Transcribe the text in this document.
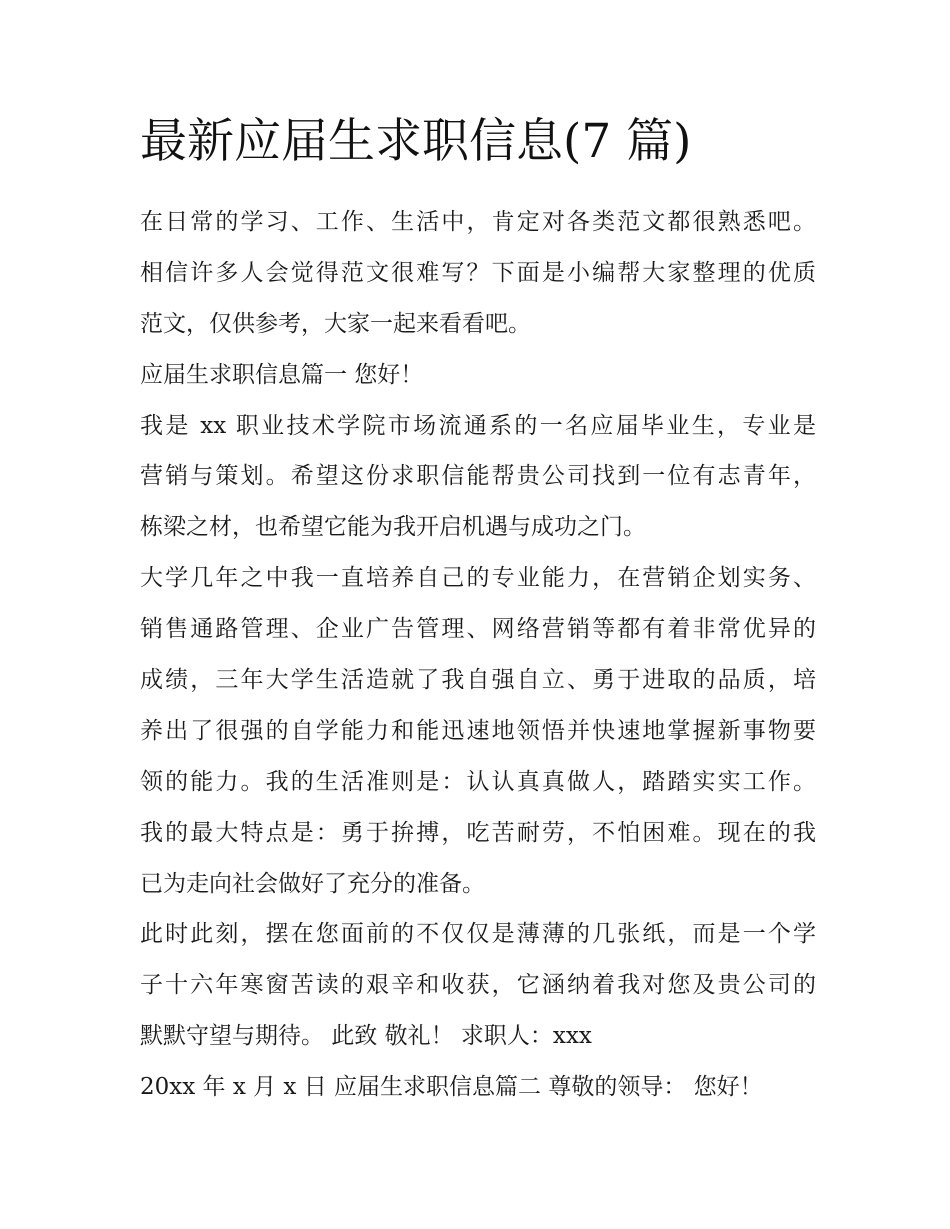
最新应届生求职信息(7 篇)
在日常的学习、工作、生活中，肯定对各类范文都很熟悉吧。
相信许多人会觉得范文很难写？下面是小编帮大家整理的优质
范文，仅供参考，大家一起来看看吧。
应届生求职信息篇一 您好！
我是 xx 职业技术学院市场流通系的一名应届毕业生，专业是
营销与策划。希望这份求职信能帮贵公司找到一位有志青年，
栋梁之材，也希望它能为我开启机遇与成功之门。
大学几年之中我一直培养自己的专业能力，在营销企划实务、
销售通路管理、企业广告管理、网络营销等都有着非常优异的
成绩，三年大学生活造就了我自强自立、勇于进取的品质，培
养出了很强的自学能力和能迅速地领悟并快速地掌握新事物要
领的能力。我的生活准则是：认认真真做人，踏踏实实工作。
我的最大特点是：勇于拚搏，吃苦耐劳，不怕困难。现在的我
已为走向社会做好了充分的准备。
此时此刻，摆在您面前的不仅仅是薄薄的几张纸，而是一个学
子十六年寒窗苦读的艰辛和收获，它涵纳着我对您及贵公司的
默默守望与期待。 此致 敬礼！ 求职人：xxx
20xx 年 x 月 x 日 应届生求职信息篇二 尊敬的领导： 您好！
